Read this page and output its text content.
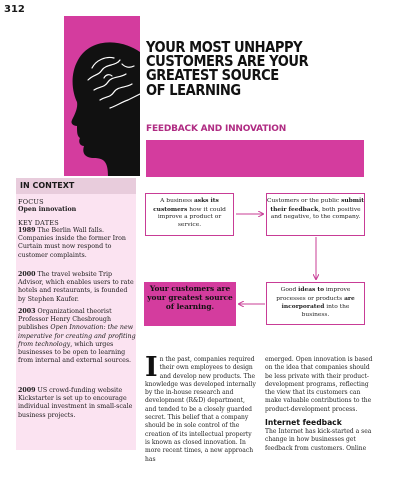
312
YOUR MOST UNHAPPY
CUSTOMERS ARE YOUR
GREATEST SOURCE
OF LEARNING
FEEDBACK AND INNOVATION
IN CONTEXT
FOCUS
Open innovation
KEY DATES
1989 The Berlin Wall falls. Companies inside the former Iron Curtain must now respond to customer complaints.
2000 The travel website Trip Advisor, which enables users to rate hotels and restaurants, is founded by Stephen Kaufer.
2003 Organizational theorist Professor Henry Chesbrough publishes Open Innovation: the new imperative for creating and profiting from technology, which urges businesses to be open to learning from internal and external sources.
2009 US crowd-funding website Kickstarter is set up to encourage individual investment in small-scale business projects.
A business asks its customers how it could improve a product or service.
Customers or the public submit their feedback, both positive and negative, to the company.
Good ideas to improve processes or products are incorporated into the business.
Your customers are your greatest source of learning.
In the past, companies required their own employees to design and develop new products. The knowledge was developed internally by the in-house research and development (R&D) department, and tended to be a closely guarded secret. This belief that a company should be in sole control of the creation of its intellectual property is known as closed innovation. In more recent times, a new approach has
emerged. Open innovation is based on the idea that companies should be less private with their product-development programs, reflecting the view that its customers can make valuable contributions to the product-development process.
Internet feedback
The Internet has kick-started a sea change in how businesses get feedback from customers. Online
